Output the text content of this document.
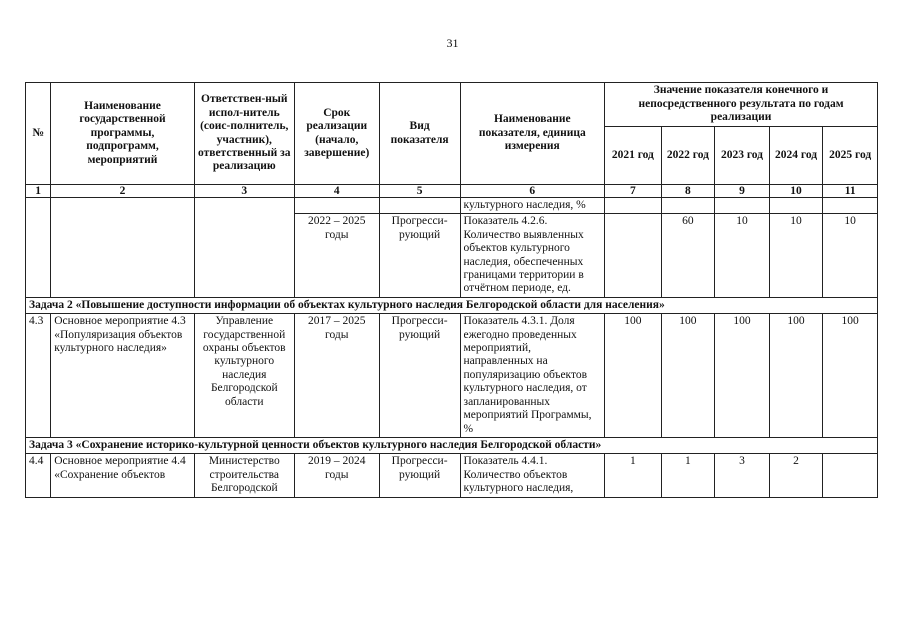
31
№	Наименование государственной программы, подпрограмм, мероприятий	Ответствен-ный испол-нитель (соис-полнитель, участник), ответственный за реализацию	Срок реализации (начало, завершение)	Вид показателя	Наименование показателя, единица измерения	Значение показателя конечного и непосредственного результата по годам реализации				
						2021 год	2022 год	2023 год	2024 год	2025 год
1	2	3	4	5	6	7	8	9	10	11
					культурного наследия, %					
			2022 – 2025 годы	Прогресси-рующий	Показатель 4.2.6. Количество выявленных объектов культурного наследия, обеспеченных границами территории в отчётном периоде, ед.		60	10	10	10
Задача 2 «Повышение доступности информации об объектах культурного наследия Белгородской области для населения»										
4.3	Основное мероприятие 4.3 «Популяризация объектов культурного наследия»	Управление государственной охраны объектов культурного наследия Белгородской области	2017 – 2025 годы	Прогресси-рующий	Показатель 4.3.1. Доля ежегодно проведенных мероприятий, направленных на популяризацию объектов культурного наследия, от запланированных мероприятий Программы, %	100	100	100	100	100
Задача 3 «Сохранение историко-культурной ценности объектов культурного наследия Белгородской области»										
4.4	Основное мероприятие 4.4 «Сохранение объектов	Министерство строительства Белгородской	2019 – 2024 годы	Прогресси-рующий	Показатель 4.4.1. Количество объектов культурного наследия,	1	1	3	2	
